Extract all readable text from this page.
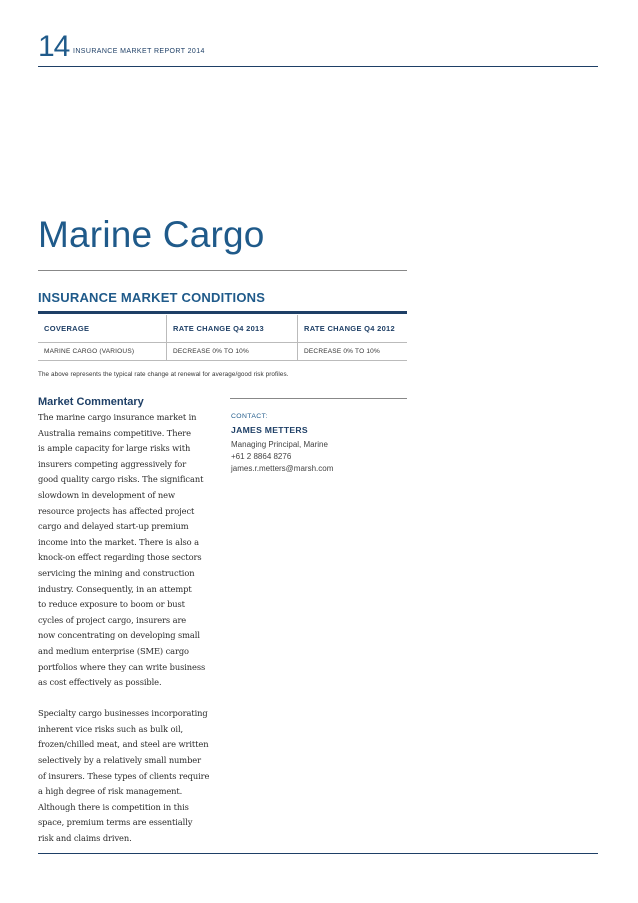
14 INSURANCE MARKET REPORT 2014
Marine Cargo
INSURANCE MARKET CONDITIONS
COVERAGE	RATE CHANGE Q4 2013	RATE CHANGE Q4 2012
MARINE CARGO (VARIOUS)	DECREASE 0% TO 10%	DECREASE 0% TO 10%
The above represents the typical rate change at renewal for average/good risk profiles.
Market Commentary

The marine cargo insurance market in
Australia remains competitive. There
is ample capacity for large risks with
insurers competing aggressively for
good quality cargo risks. The significant
slowdown in development of new
resource projects has affected project
cargo and delayed start-up premium
income into the market. There is also a
knock-on effect regarding those sectors
servicing the mining and construction
industry. Consequently, in an attempt
to reduce exposure to boom or bust
cycles of project cargo, insurers are
now concentrating on developing small
and medium enterprise (SME) cargo
portfolios where they can write business
as cost effectively as possible.

Specialty cargo businesses incorporating
inherent vice risks such as bulk oil,
frozen/chilled meat, and steel are written
selectively by a relatively small number
of insurers. These types of clients require
a high degree of risk management.
Although there is competition in this
space, premium terms are essentially
risk and claims driven.

CONTACT:
JAMES METTERS
Managing Principal, Marine
+61 2 8864 8276
james.r.metters@marsh.com
